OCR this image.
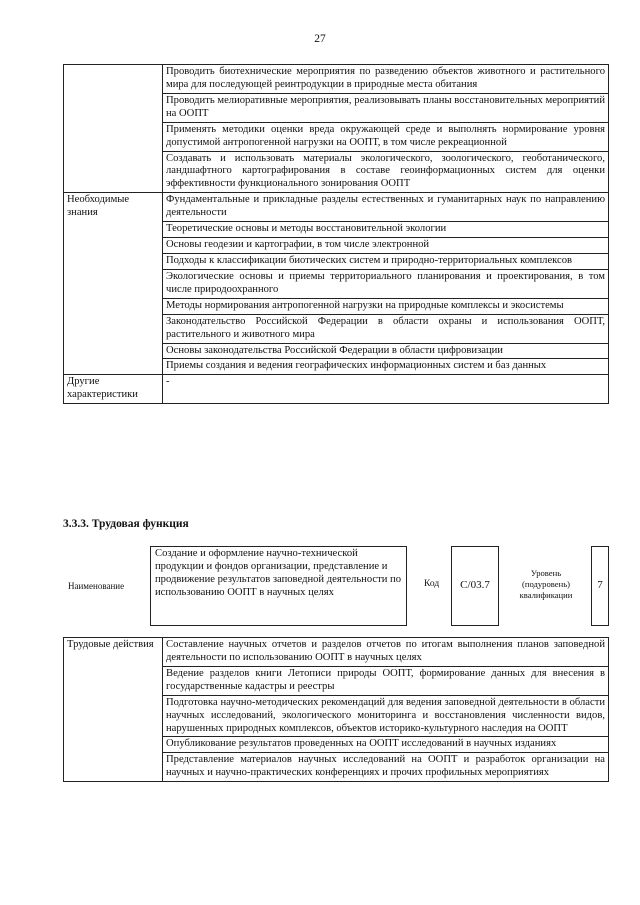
27
	Проводить биотехнические мероприятия по разведению объектов животного и растительного мира для последующей реинтродукции в природные места обитания
	Проводить мелиоративные мероприятия, реализовывать планы восстановительных мероприятий на ООПТ
	Применять методики оценки вреда окружающей среде и выполнять нормирование уровня допустимой антропогенной нагрузки на ООПТ, в том числе рекреационной
	Создавать и использовать материалы экологического, зоологического, геоботанического, ландшафтного картографирования в составе геоинформационных систем для оценки эффективности функционального зонирования ООПТ
Необходимые знания	Фундаментальные и прикладные разделы естественных и гуманитарных наук по направлению деятельности
	Теоретические основы и методы восстановительной экологии
	Основы геодезии и картографии, в том числе электронной
	Подходы к классификации биотических систем и природно-территориальных комплексов
	Экологические основы и приемы территориального планирования и проектирования, в том числе природоохранного
	Методы нормирования антропогенной нагрузки на природные комплексы и экосистемы
	Законодательство Российской Федерации в области охраны и использования ООПТ, растительного и животного мира
	Основы законодательства Российской Федерации в области цифровизации
	Приемы создания и ведения географических информационных систем и баз данных
Другие характеристики	-
3.3.3. Трудовая функция
Наименование
Создание и оформление научно-технической продукции и фондов организации, представление и продвижение результатов заповедной деятельности по использованию ООПТ в научных целях
Код	С/03.7
Уровень (подуровень) квалификации
7
Трудовые действия	Составление научных отчетов и разделов отчетов по итогам выполнения планов заповедной деятельности по использованию ООПТ в научных целях
Ведение разделов книги Летописи природы ООПТ, формирование данных для внесения в государственные кадастры и реестры
Подготовка научно-методических рекомендаций для ведения заповедной деятельности в области научных исследований, экологического мониторинга и восстановления численности видов, нарушенных природных комплексов, объектов историко-культурного наследия на ООПТ
Опубликование результатов проведенных на ООПТ исследований в научных изданиях
Представление материалов научных исследований на ООПТ и разработок организации на научных и научно-практических конференциях и прочих профильных мероприятиях
